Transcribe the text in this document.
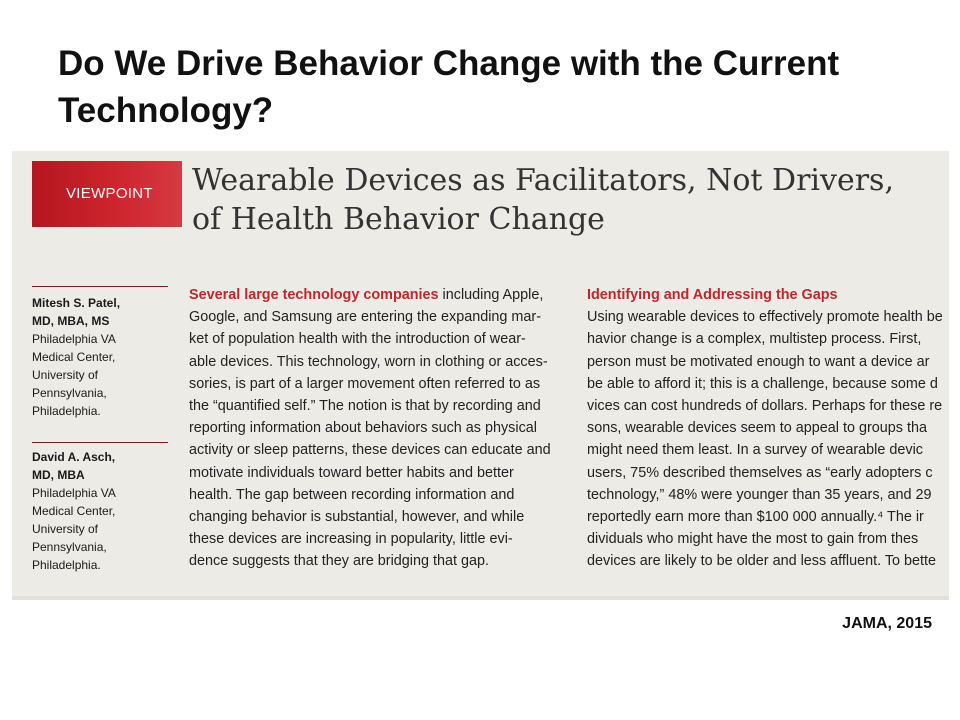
Do We Drive Behavior Change with the Current
Technology?
VIEWPOINT Wearable Devices as Facilitators, Not Drivers,
of Health Behavior Change
Mitesh S. Patel,
MD, MBA, MS
Philadelphia VA
Medical Center,
University of
Pennsylvania,
Philadelphia.
David A. Asch,
MD, MBA
Philadelphia VA
Medical Center,
University of
Pennsylvania,
Philadelphia.
Several large technology companies including Apple,
Google, and Samsung are entering the expanding mar-
ket of population health with the introduction of wear-
able devices. This technology, worn in clothing or acces-
sories, is part of a larger movement often referred to as
the “quantified self.” The notion is that by recording and
reporting information about behaviors such as physical
activity or sleep patterns, these devices can educate and
motivate individuals toward better habits and better
health. The gap between recording information and
changing behavior is substantial, however, and while
these devices are increasing in popularity, little evi-
dence suggests that they are bridging that gap.
Identifying and Addressing the Gaps
Using wearable devices to effectively promote health be
havior change is a complex, multistep process. First,
person must be motivated enough to want a device ar
be able to afford it; this is a challenge, because some d
vices can cost hundreds of dollars. Perhaps for these re
sons, wearable devices seem to appeal to groups tha
might need them least. In a survey of wearable devic
users, 75% described themselves as “early adopters c
technology,” 48% were younger than 35 years, and 29
reportedly earn more than $100 000 annually.⁴ The ir
dividuals who might have the most to gain from thes
devices are likely to be older and less affluent. To bette
JAMA, 2015
